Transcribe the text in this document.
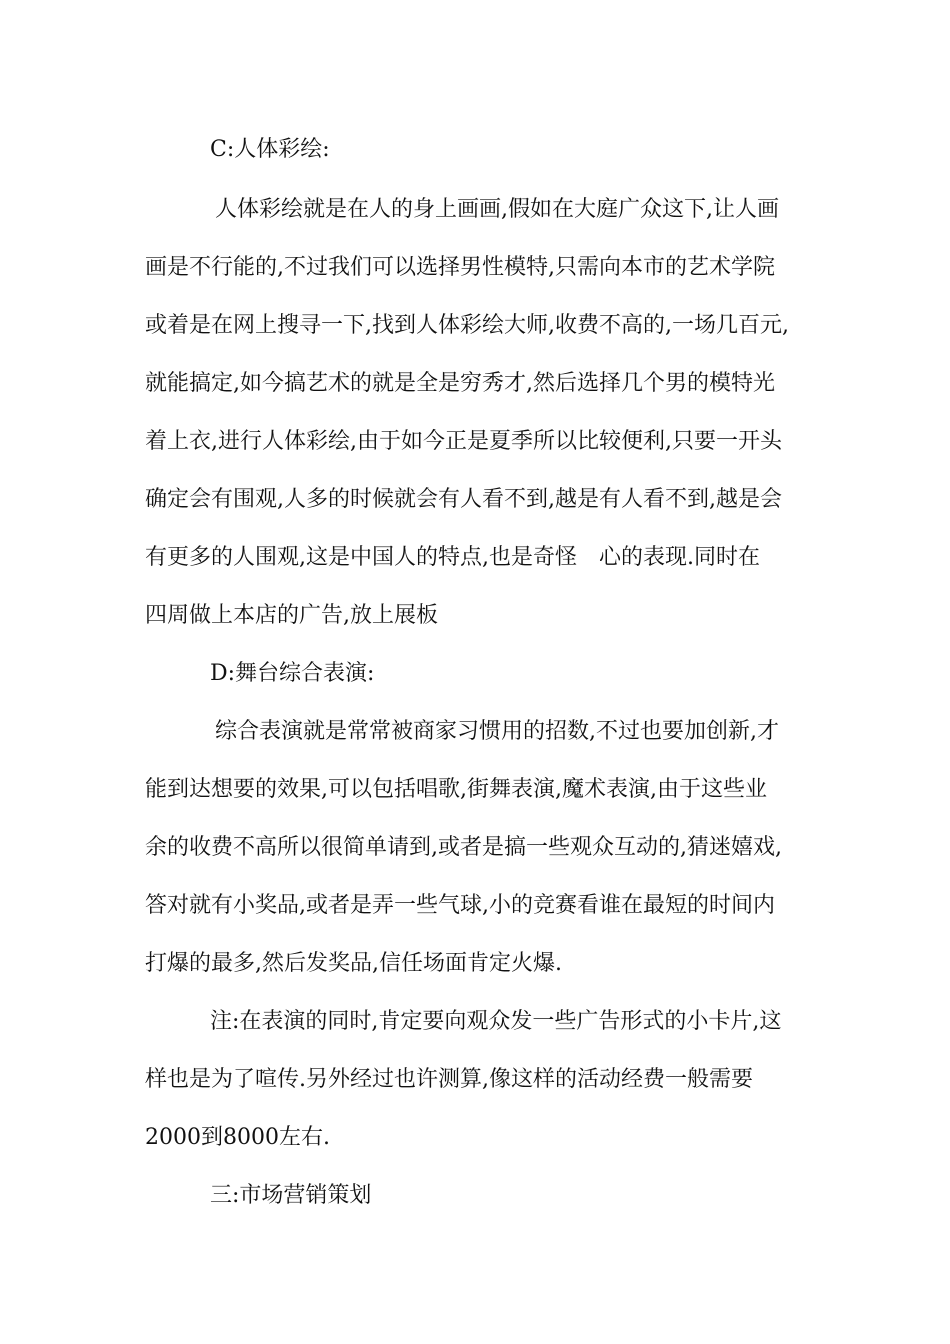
C:人体彩绘:
人体彩绘就是在人的身上画画,假如在大庭广众这下,让人画
画是不行能的,不过我们可以选择男性模特,只需向本市的艺术学院
或着是在网上搜寻一下,找到人体彩绘大师,收费不高的,一场几百元,
就能搞定,如今搞艺术的就是全是穷秀才,然后选择几个男的模特光
着上衣,进行人体彩绘,由于如今正是夏季所以比较便利,只要一开头
确定会有围观,人多的时候就会有人看不到,越是有人看不到,越是会
有更多的人围观,这是中国人的特点,也是奇怪　心的表现.同时在
四周做上本店的广告,放上展板
D:舞台综合表演:
综合表演就是常常被商家习惯用的招数,不过也要加创新,才
能到达想要的效果,可以包括唱歌,街舞表演,魔术表演,由于这些业
余的收费不高所以很简单请到,或者是搞一些观众互动的,猜迷嬉戏,
答对就有小奖品,或者是弄一些气球,小的竞赛看谁在最短的时间内
打爆的最多,然后发奖品,信任场面肯定火爆.
注:在表演的同时,肯定要向观众发一些广告形式的小卡片,这
样也是为了喧传.另外经过也许测算,像这样的活动经费一般需要
2000到8000左右.
三:市场营销策划
